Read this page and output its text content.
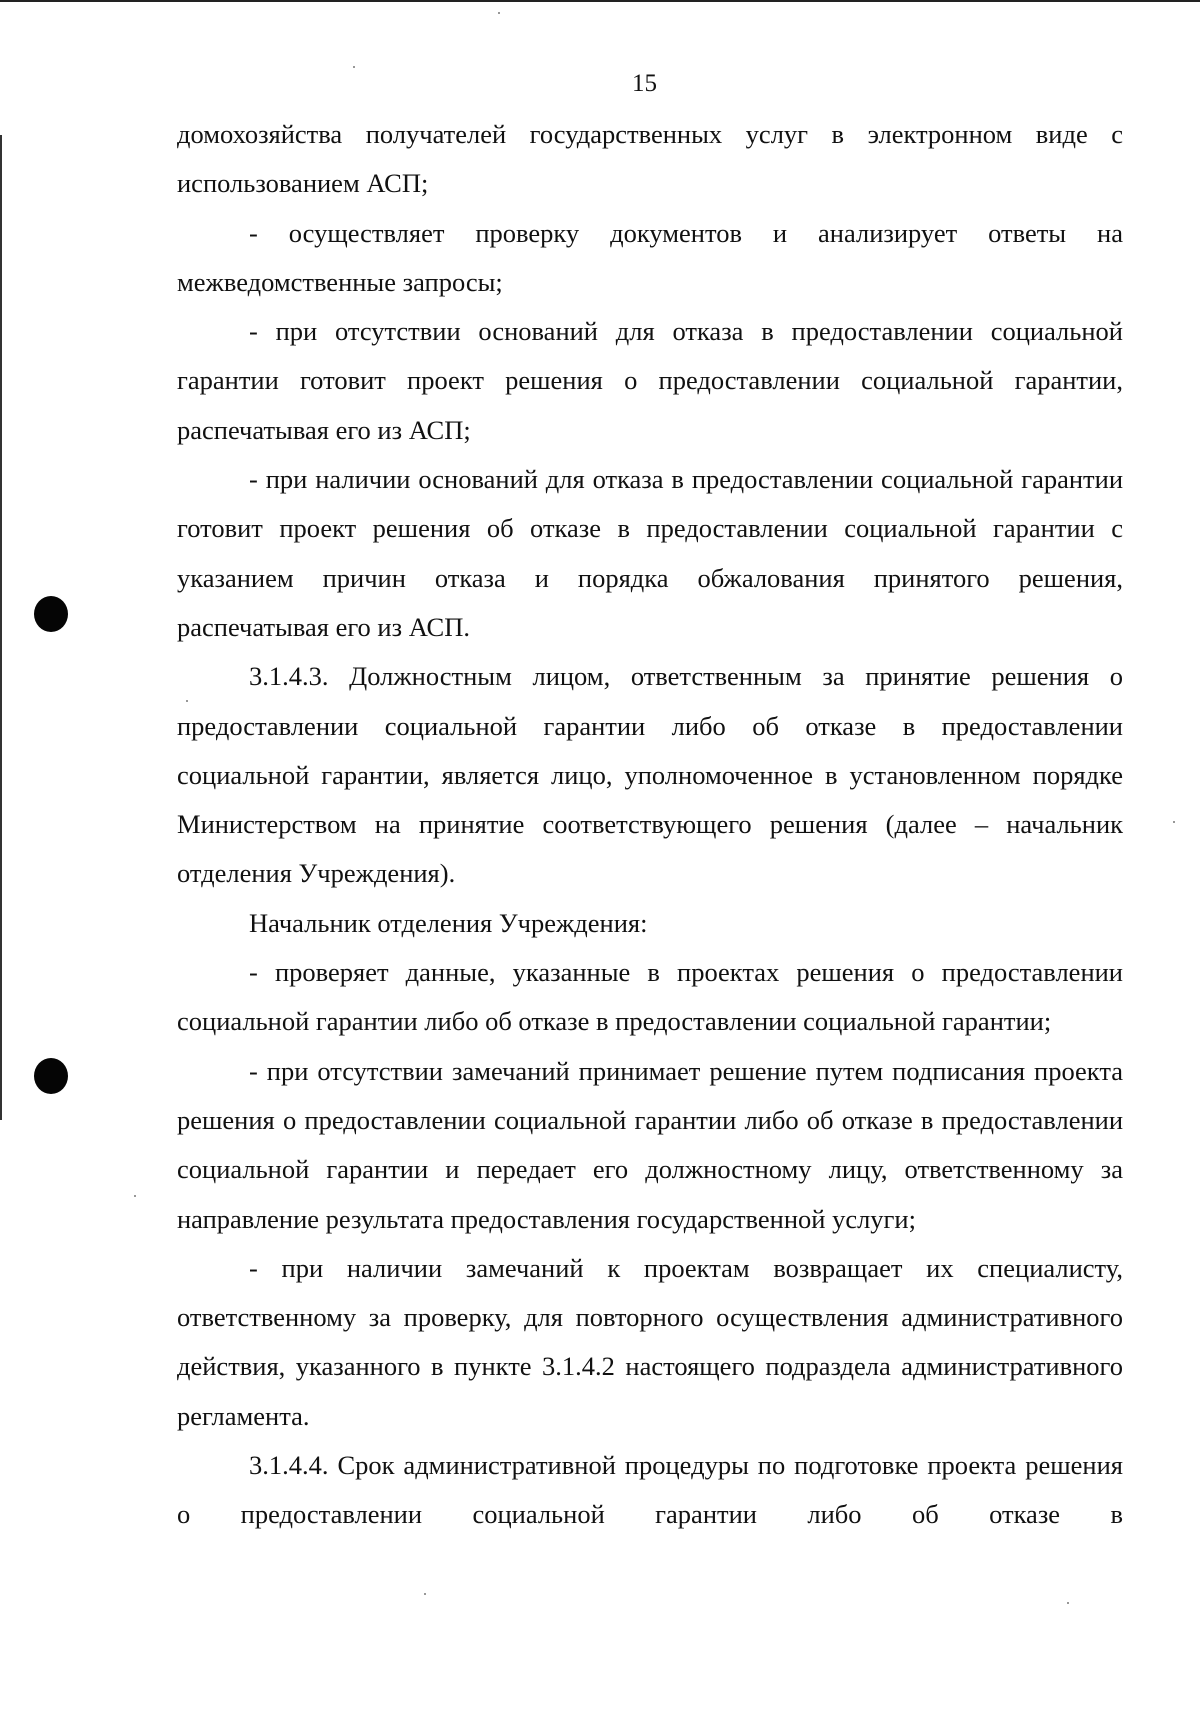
15

домохозяйства получателей государственных услуг в электронном виде с использованием АСП;

- осуществляет проверку документов и анализирует ответы на межведомственные запросы;

- при отсутствии оснований для отказа в предоставлении социальной гарантии готовит проект решения о предоставлении социальной гарантии, распечатывая его из АСП;

- при наличии оснований для отказа в предоставлении социальной гарантии готовит проект решения об отказе в предоставлении социальной гарантии с указанием причин отказа и порядка обжалования принятого решения, распечатывая его из АСП.

3.1.4.3. Должностным лицом, ответственным за принятие решения о предоставлении социальной гарантии либо об отказе в предоставлении социальной гарантии, является лицо, уполномоченное в установленном порядке Министерством на принятие соответствующего решения (далее – начальник отделения Учреждения).

Начальник отделения Учреждения:

- проверяет данные, указанные в проектах решения о предоставлении социальной гарантии либо об отказе в предоставлении социальной гарантии;

- при отсутствии замечаний принимает решение путем подписания проекта решения о предоставлении социальной гарантии либо об отказе в предоставлении социальной гарантии и передает его должностному лицу, ответственному за направление результата предоставления государственной услуги;

- при наличии замечаний к проектам возвращает их специалисту, ответственному за проверку, для повторного осуществления административного действия, указанного в пункте 3.1.4.2 настоящего подраздела административного регламента.

3.1.4.4. Срок административной процедуры по подготовке проекта решения о предоставлении социальной гарантии либо об отказе в
